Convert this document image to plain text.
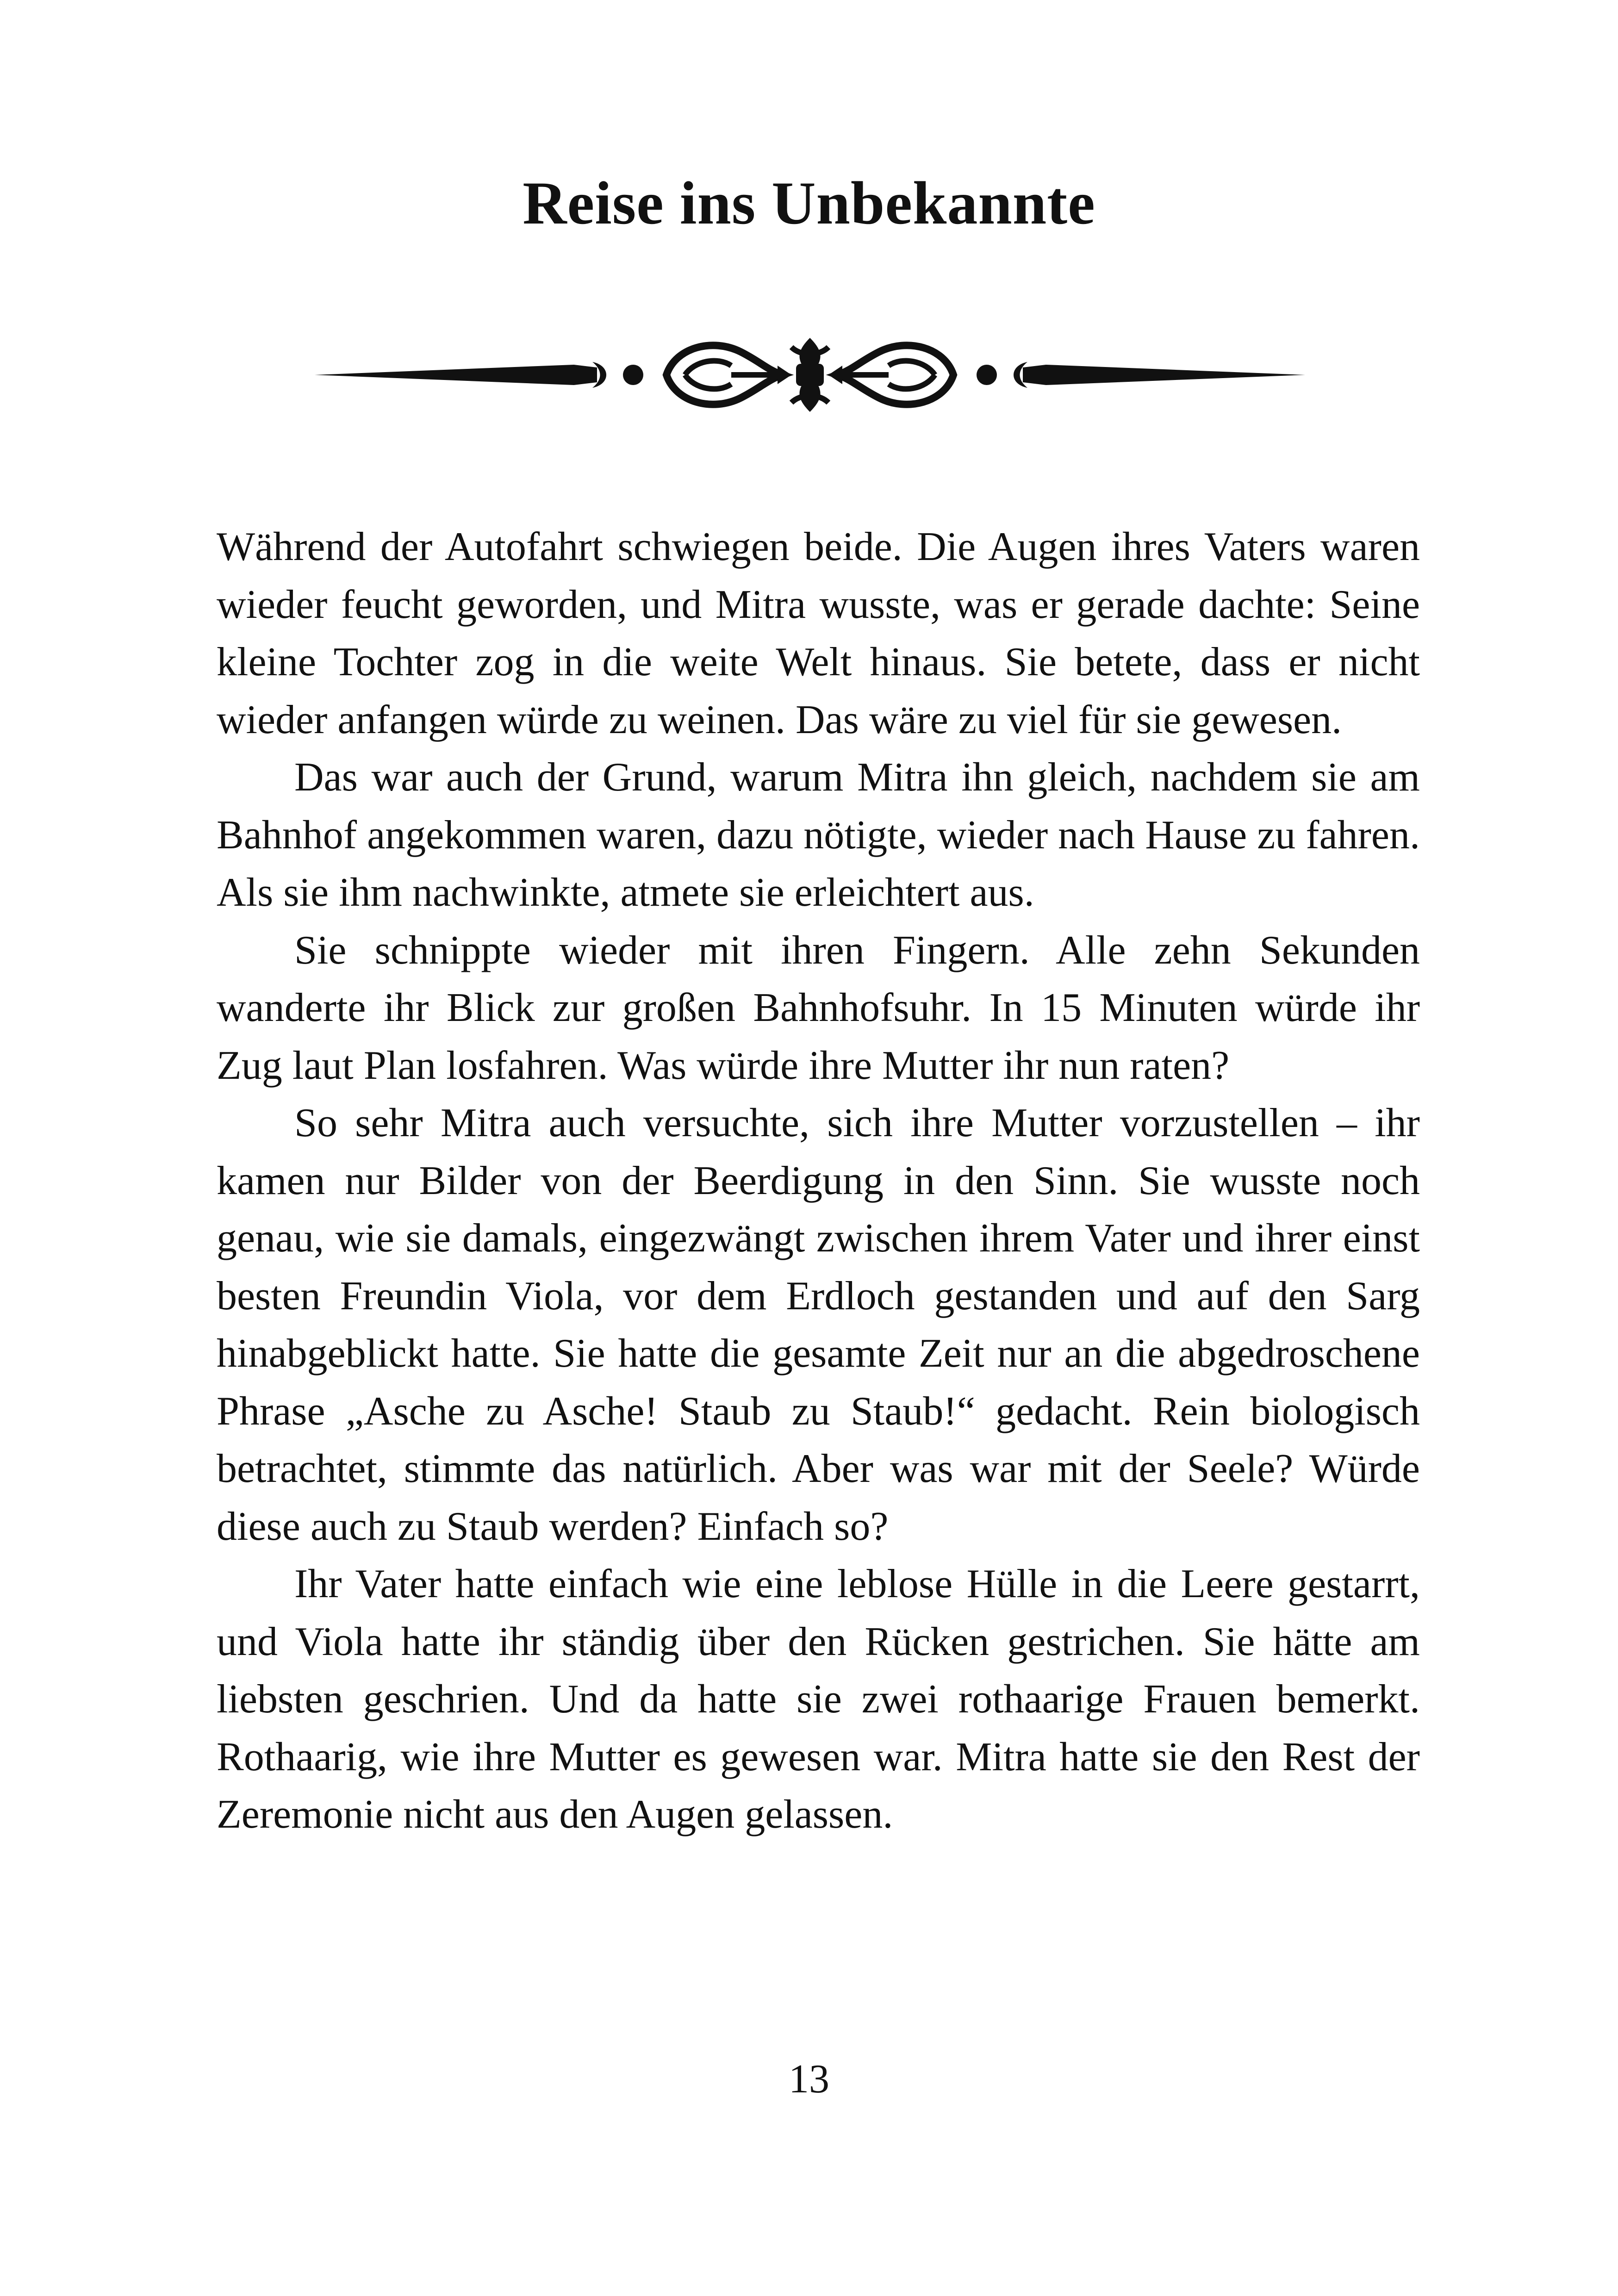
Reise ins Unbekannte

Während der Autofahrt schwiegen beide. Die Augen ihres Vaters waren wieder feucht geworden, und Mitra wusste, was er gerade dachte: Seine kleine Tochter zog in die weite Welt hinaus. Sie betete, dass er nicht wieder anfangen würde zu weinen. Das wäre zu viel für sie gewesen.

Das war auch der Grund, warum Mitra ihn gleich, nachdem sie am Bahnhof angekommen waren, dazu nötigte, wieder nach Hause zu fahren. Als sie ihm nachwinkte, atmete sie erleichtert aus.

Sie schnippte wieder mit ihren Fingern. Alle zehn Sekunden wanderte ihr Blick zur großen Bahnhofsuhr. In 15 Minuten würde ihr Zug laut Plan losfahren. Was würde ihre Mutter ihr nun raten?

So sehr Mitra auch versuchte, sich ihre Mutter vorzustellen – ihr kamen nur Bilder von der Beerdigung in den Sinn. Sie wusste noch genau, wie sie damals, eingezwängt zwischen ihrem Vater und ihrer einst besten Freundin Viola, vor dem Erdloch gestanden und auf den Sarg hinabgeblickt hatte. Sie hatte die gesamte Zeit nur an die abgedroschene Phrase „Asche zu Asche! Staub zu Staub!“ gedacht. Rein biologisch betrachtet, stimmte das natürlich. Aber was war mit der Seele? Würde diese auch zu Staub werden? Einfach so?

Ihr Vater hatte einfach wie eine leblose Hülle in die Leere gestarrt, und Viola hatte ihr ständig über den Rücken gestrichen. Sie hätte am liebsten geschrien. Und da hatte sie zwei rothaarige Frauen bemerkt. Rothaarig, wie ihre Mutter es gewesen war. Mitra hatte sie den Rest der Zeremonie nicht aus den Augen gelassen.

13
